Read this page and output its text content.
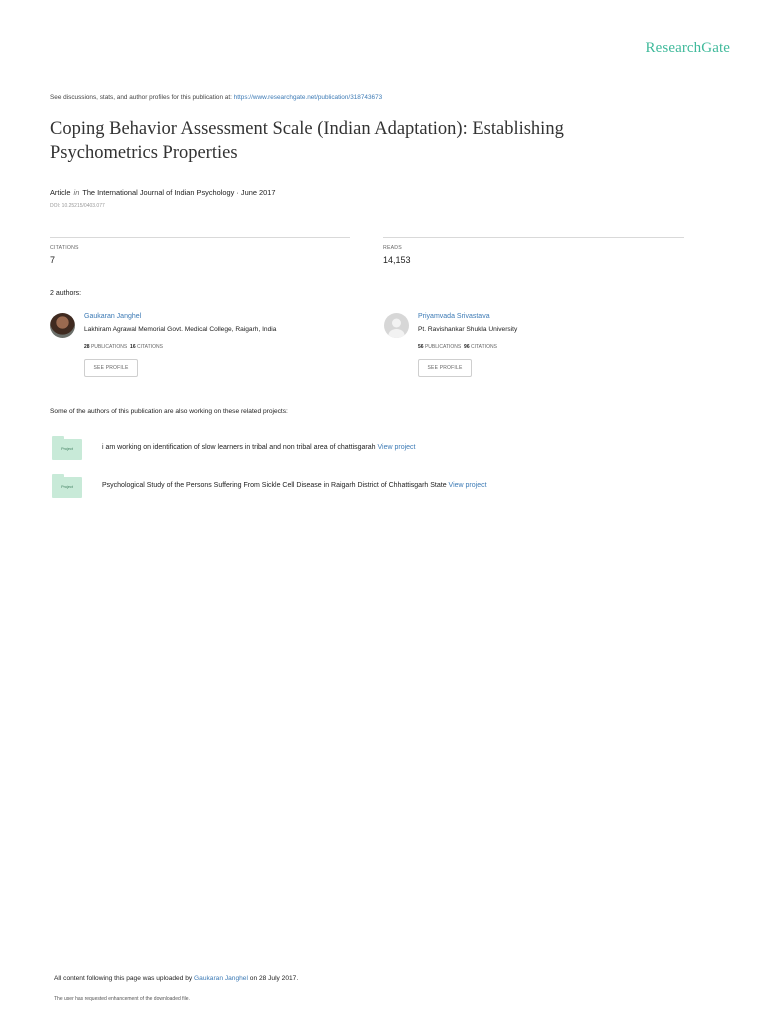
ResearchGate
See discussions, stats, and author profiles for this publication at: https://www.researchgate.net/publication/318743673
Coping Behavior Assessment Scale (Indian Adaptation): Establishing
Psychometrics Properties
Article in The International Journal of Indian Psychology · June 2017
DOI: 10.25215/0403.077
CITATIONS
7
READS
14,153
2 authors:
Gaukaran Janghel
Lakhiram Agrawal Memorial Govt. Medical College, Raigarh, India
28 PUBLICATIONS 16 CITATIONS
SEE PROFILE
Priyamvada Srivastava
Pt. Ravishankar Shukla University
56 PUBLICATIONS 96 CITATIONS
SEE PROFILE
Some of the authors of this publication are also working on these related projects:
Project	i am working on identification of slow learners in tribal and non tribal area of chattisgarah View project
Project	Psychological Study of the Persons Suffering From Sickle Cell Disease in Raigarh District of Chhattisgarh State View project
All content following this page was uploaded by Gaukaran Janghel on 28 July 2017.
The user has requested enhancement of the downloaded file.
